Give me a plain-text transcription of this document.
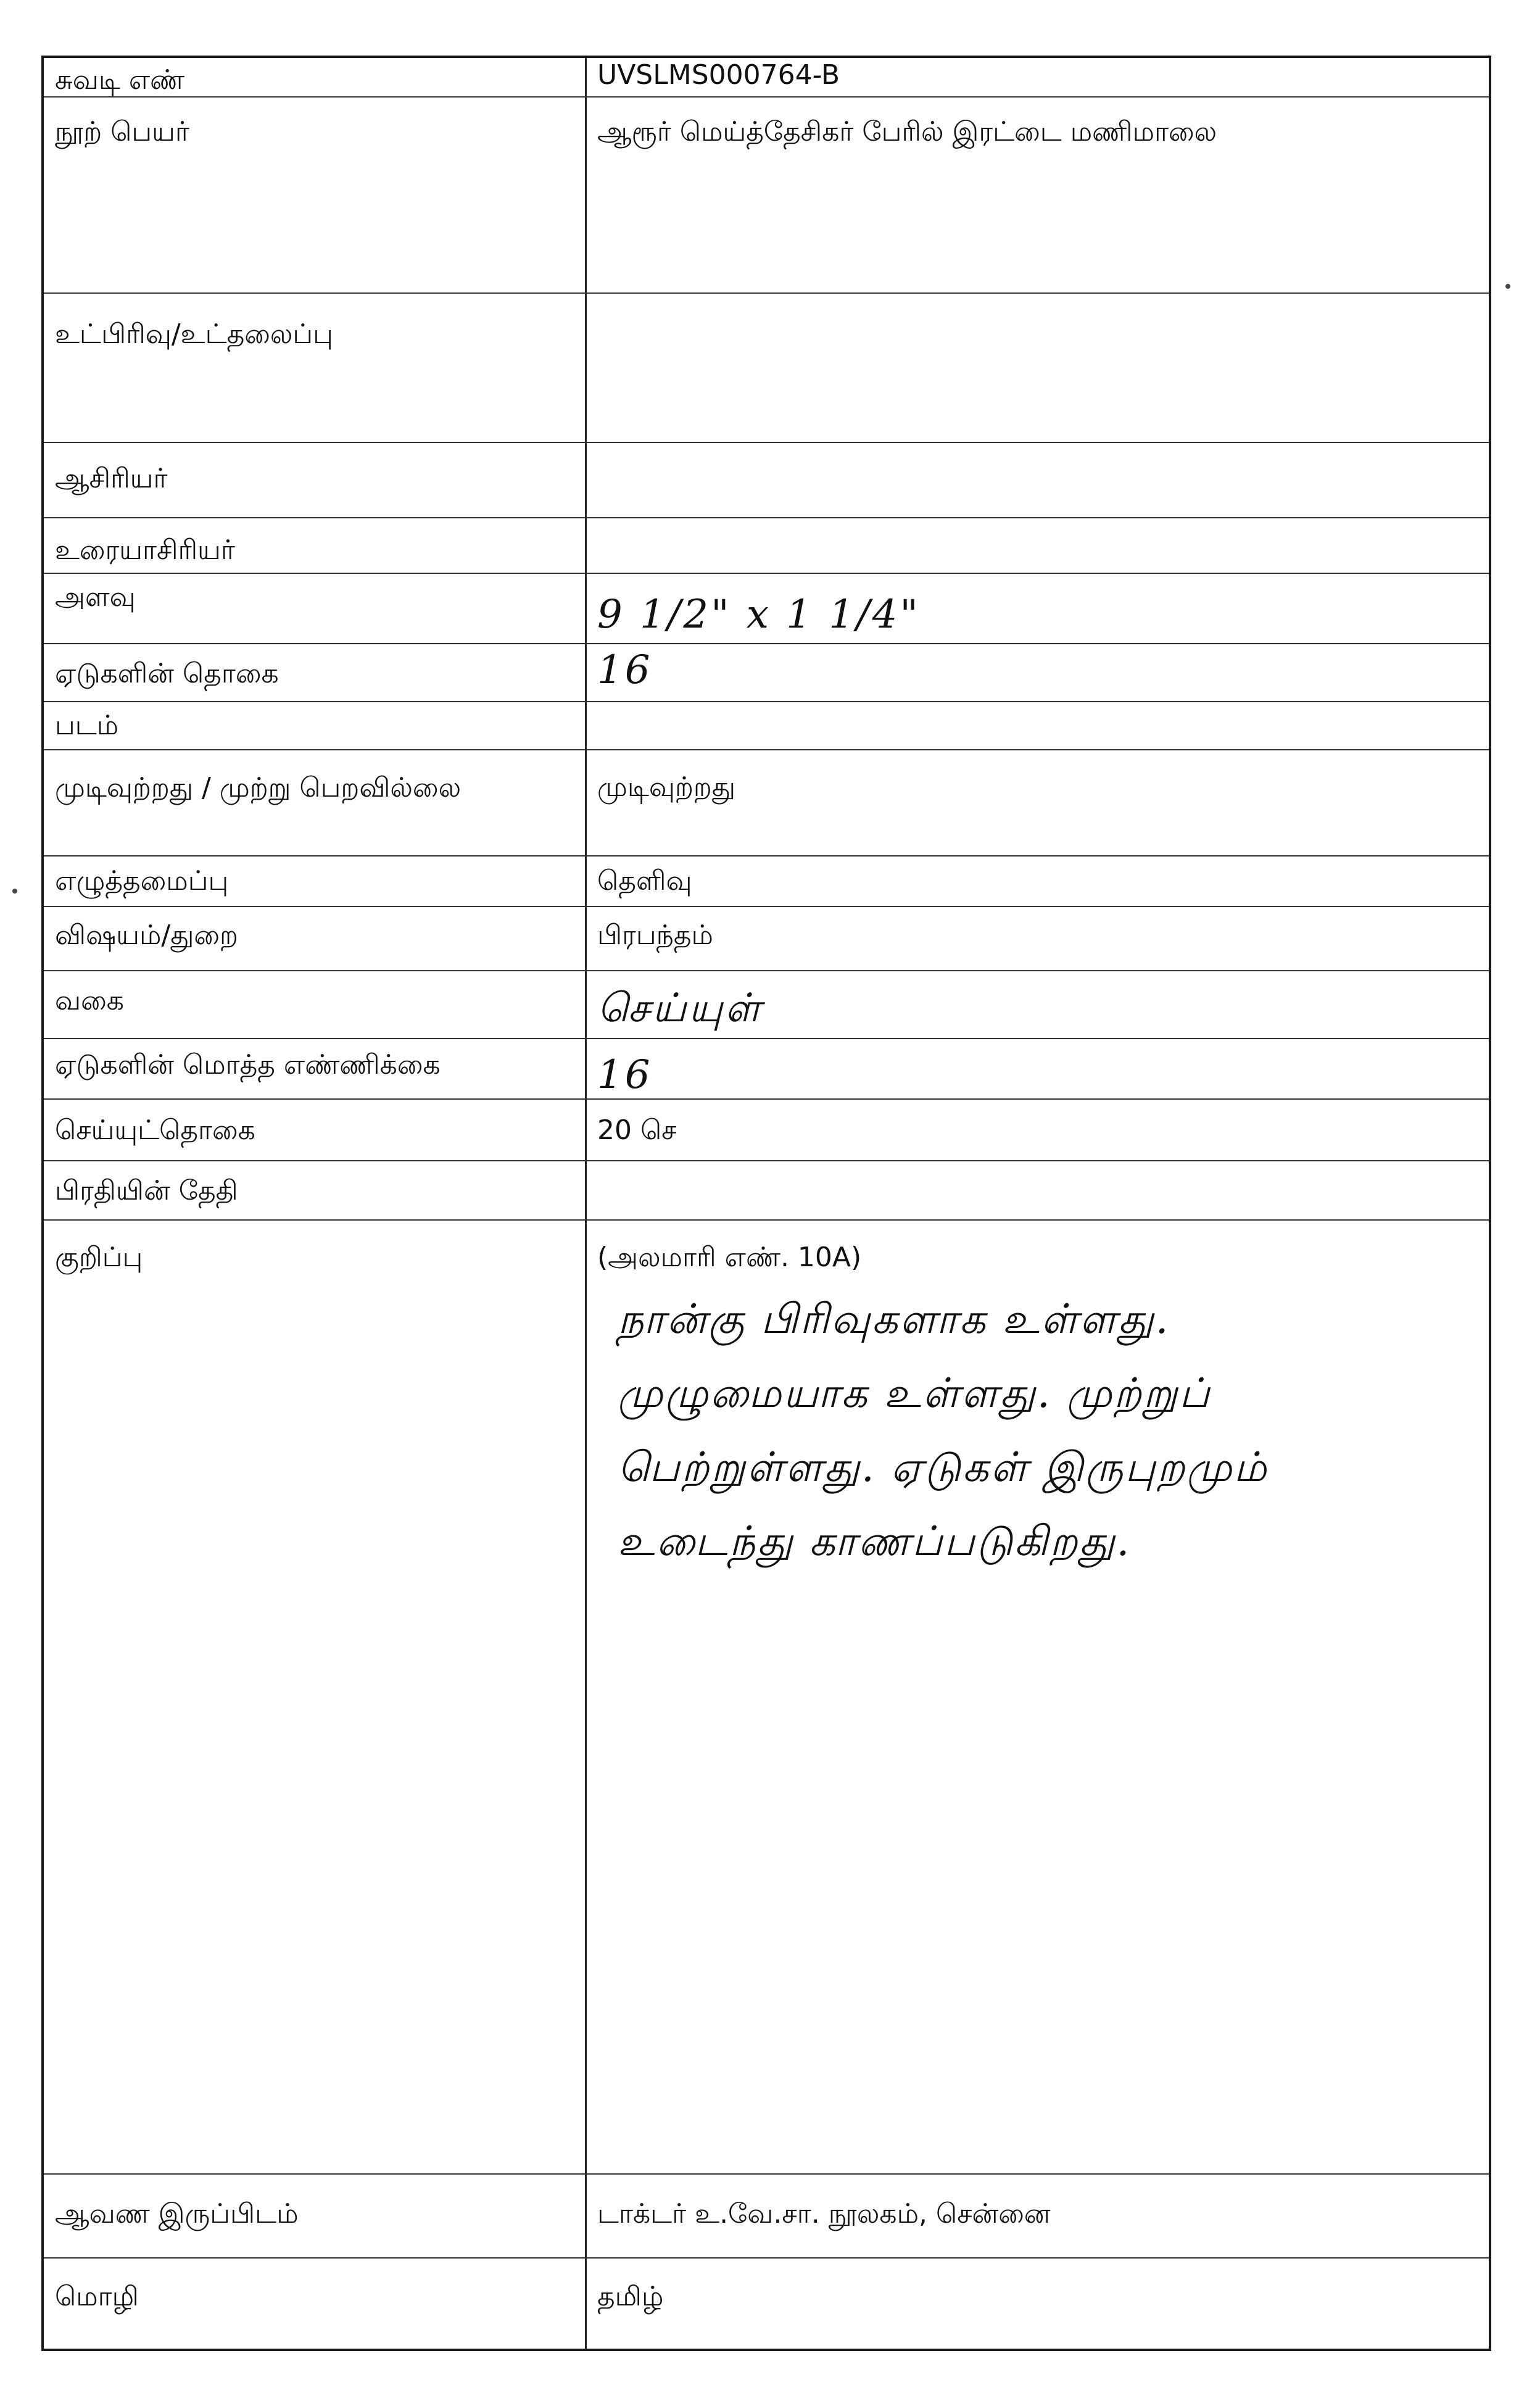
சுவடி எண்	UVSLMS000764-B
நூற் பெயர்	ஆரூர் மெய்த்தேசிகர் பேரில் இரட்டை மணிமாலை
உட்பிரிவு/உட்தலைப்பு
ஆசிரியர்
உரையாசிரியர்
அளவு	9 1/2" x 1 1/4"
ஏடுகளின் தொகை	16
படம்
முடிவுற்றது / முற்று பெறவில்லை	முடிவுற்றது
எழுத்தமைப்பு	தெளிவு
விஷயம்/துறை	பிரபந்தம்
வகை	செய்யுள்
ஏடுகளின் மொத்த எண்ணிக்கை	16
செய்யுட்தொகை	20 செ
பிரதியின் தேதி
குறிப்பு	(அலமாரி எண். 10A)
நான்கு பிரிவுகளாக உள்ளது.
முழுமையாக உள்ளது. முற்றுப்
பெற்றுள்ளது. ஏடுகள் இருபுறமும்
உடைந்து காணப்படுகிறது.
ஆவண இருப்பிடம்	டாக்டர் உ.வே.சா. நூலகம், சென்னை
மொழி	தமிழ்
